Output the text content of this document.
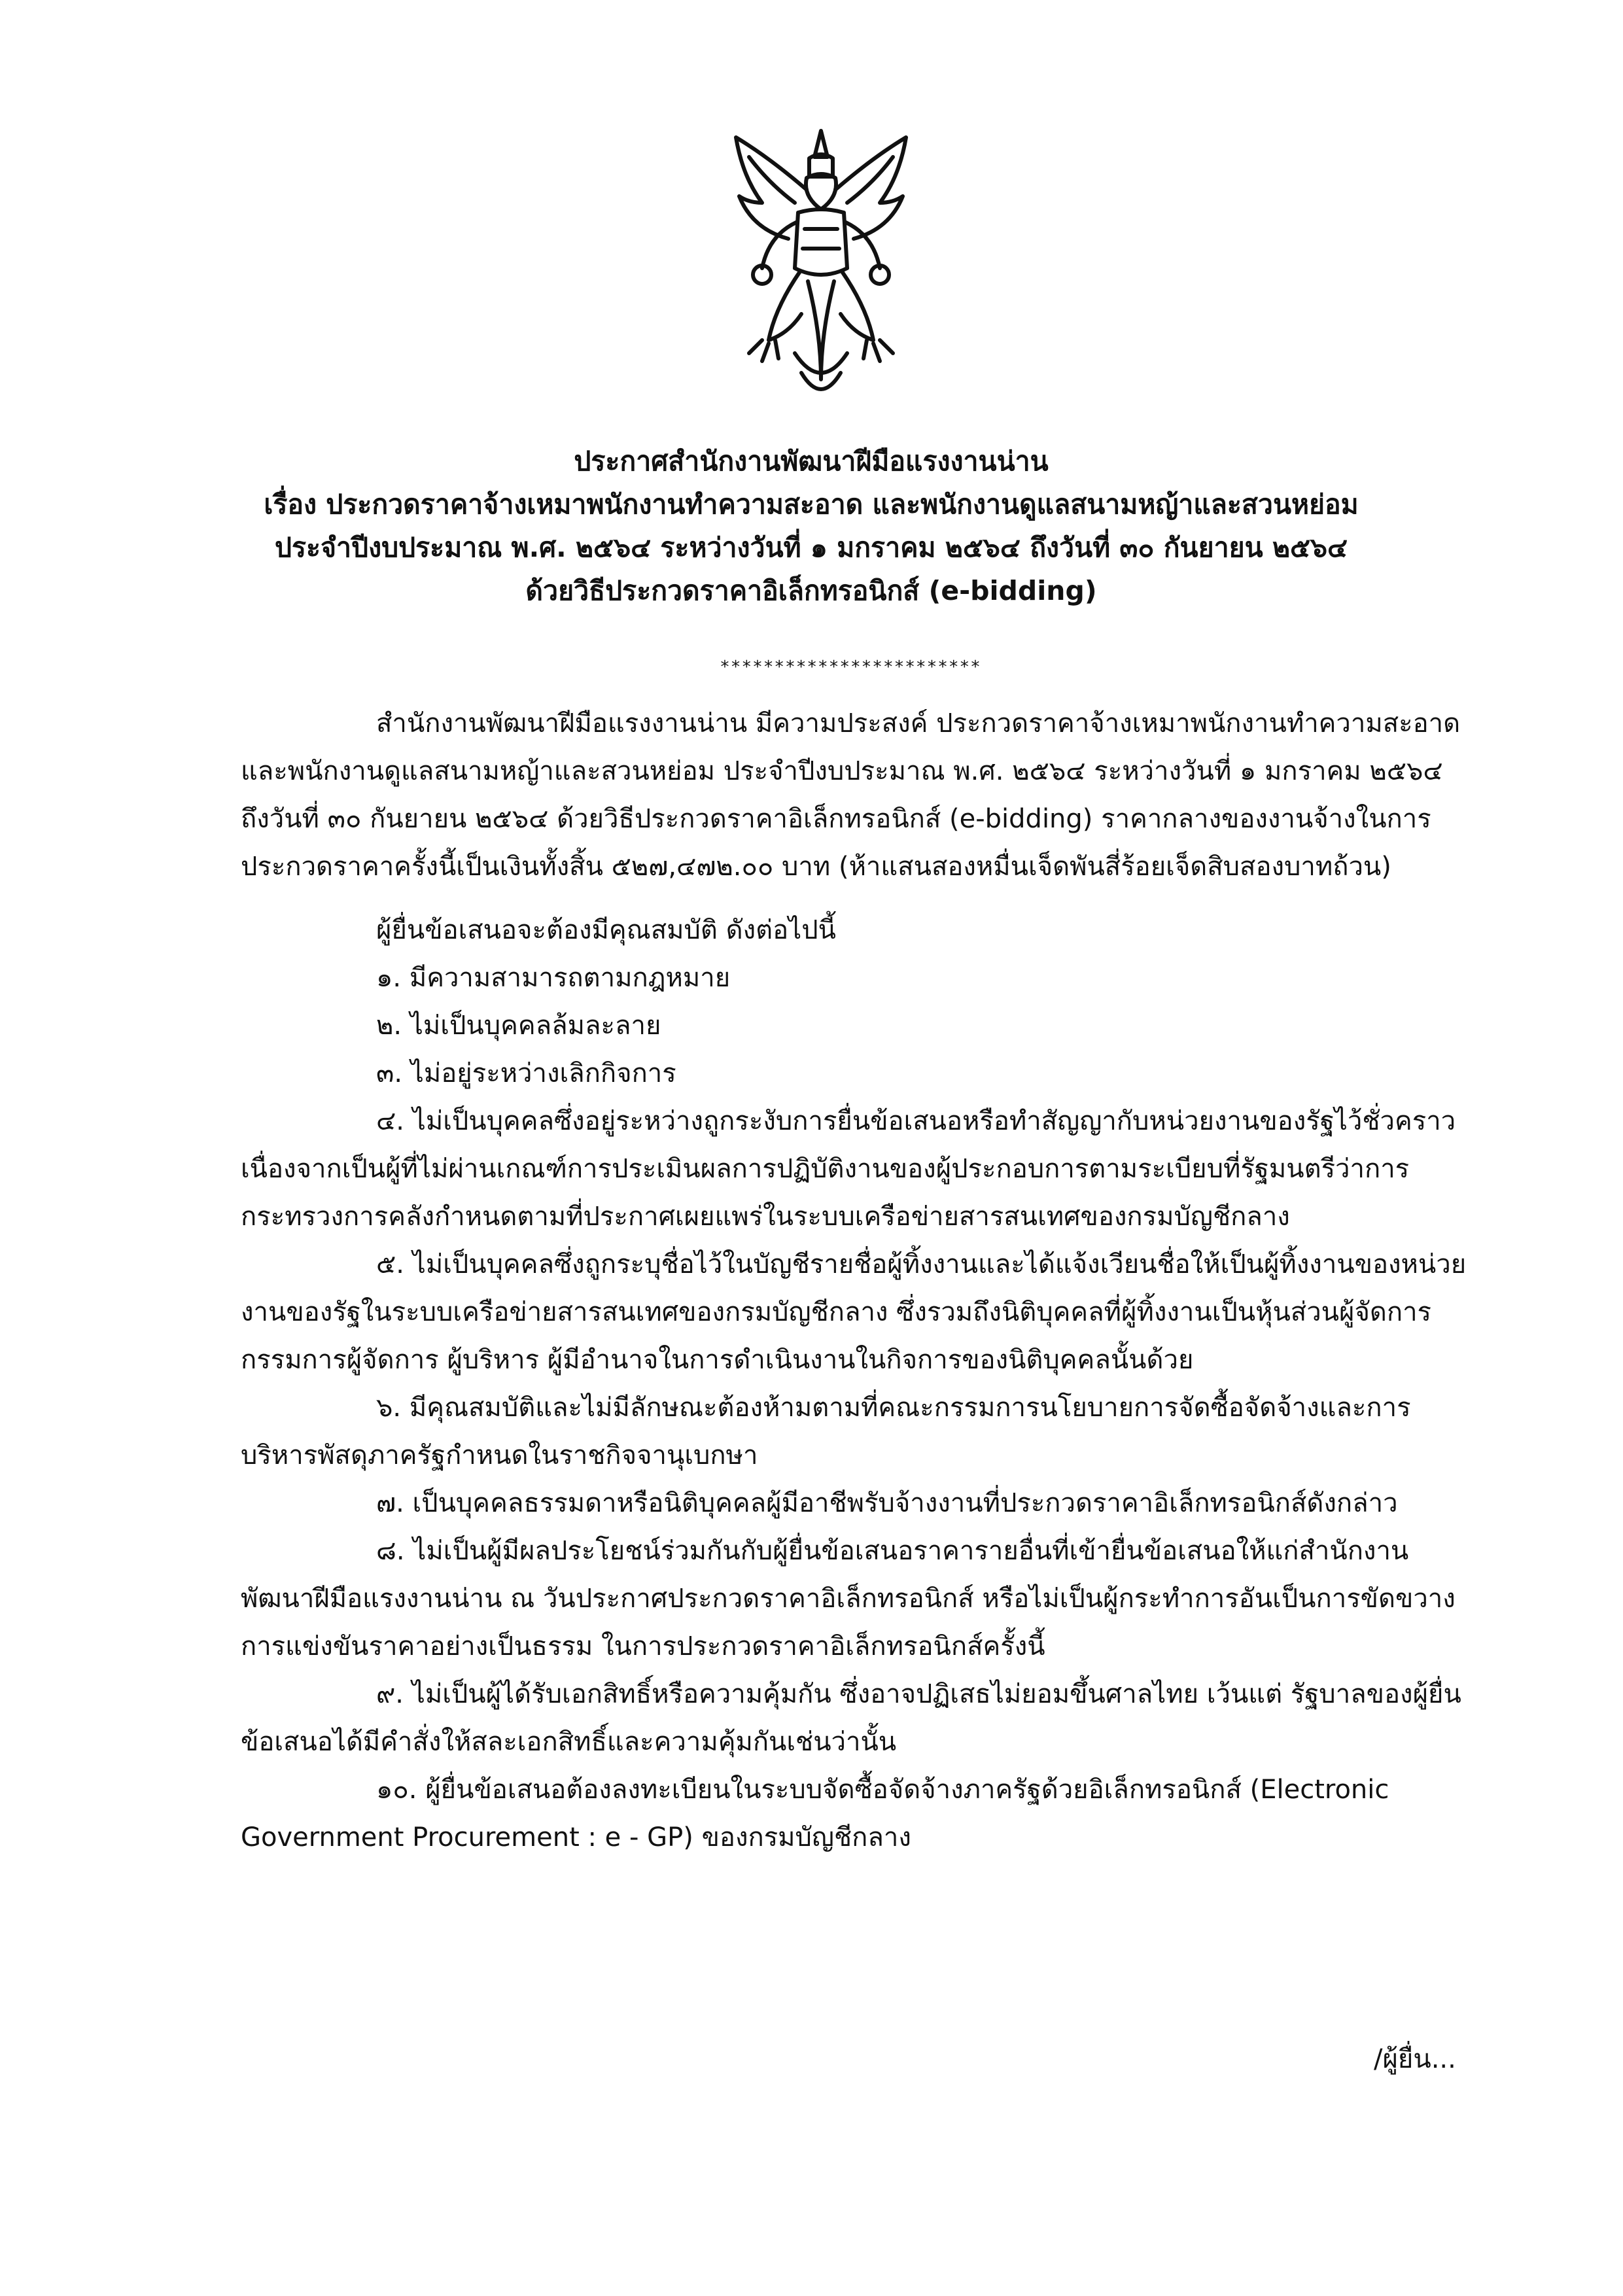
ประกาศสำนักงานพัฒนาฝีมือแรงงานน่าน
เรื่อง ประกวดราคาจ้างเหมาพนักงานทำความสะอาด และพนักงานดูแลสนามหญ้าและสวนหย่อม
ประจำปีงบประมาณ พ.ศ. ๒๕๖๔ ระหว่างวันที่ ๑ มกราคม ๒๕๖๔ ถึงวันที่ ๓๐ กันยายน ๒๕๖๔
ด้วยวิธีประกวดราคาอิเล็กทรอนิกส์ (e-bidding)
************************

สำนักงานพัฒนาฝีมือแรงงานน่าน มีความประสงค์ ประกวดราคาจ้างเหมาพนักงานทำความสะอาด และพนักงานดูแลสนามหญ้าและสวนหย่อม ประจำปีงบประมาณ พ.ศ. ๒๕๖๔ ระหว่างวันที่ ๑ มกราคม ๒๕๖๔ ถึงวันที่ ๓๐ กันยายน ๒๕๖๔ ด้วยวิธีประกวดราคาอิเล็กทรอนิกส์ (e-bidding) ราคากลางของงานจ้างในการประกวดราคาครั้งนี้เป็นเงินทั้งสิ้น ๕๒๗,๔๗๒.๐๐ บาท (ห้าแสนสองหมื่นเจ็ดพันสี่ร้อยเจ็ดสิบสองบาทถ้วน)

ผู้ยื่นข้อเสนอจะต้องมีคุณสมบัติ ดังต่อไปนี้

๑. มีความสามารถตามกฎหมาย

๒. ไม่เป็นบุคคลล้มละลาย

๓. ไม่อยู่ระหว่างเลิกกิจการ

๔. ไม่เป็นบุคคลซึ่งอยู่ระหว่างถูกระงับการยื่นข้อเสนอหรือทำสัญญากับหน่วยงานของรัฐไว้ชั่วคราวเนื่องจากเป็นผู้ที่ไม่ผ่านเกณฑ์การประเมินผลการปฏิบัติงานของผู้ประกอบการตามระเบียบที่รัฐมนตรีว่าการกระทรวงการคลังกำหนดตามที่ประกาศเผยแพร่ในระบบเครือข่ายสารสนเทศของกรมบัญชีกลาง

๕. ไม่เป็นบุคคลซึ่งถูกระบุชื่อไว้ในบัญชีรายชื่อผู้ทิ้งงานและได้แจ้งเวียนชื่อให้เป็นผู้ทิ้งงานของหน่วยงานของรัฐในระบบเครือข่ายสารสนเทศของกรมบัญชีกลาง ซึ่งรวมถึงนิติบุคคลที่ผู้ทิ้งงานเป็นหุ้นส่วนผู้จัดการ กรรมการผู้จัดการ ผู้บริหาร ผู้มีอำนาจในการดำเนินงานในกิจการของนิติบุคคลนั้นด้วย

๖. มีคุณสมบัติและไม่มีลักษณะต้องห้ามตามที่คณะกรรมการนโยบายการจัดซื้อจัดจ้างและการบริหารพัสดุภาครัฐกำหนดในราชกิจจานุเบกษา

๗. เป็นบุคคลธรรมดาหรือนิติบุคคลผู้มีอาชีพรับจ้างงานที่ประกวดราคาอิเล็กทรอนิกส์ดังกล่าว

๘. ไม่เป็นผู้มีผลประโยชน์ร่วมกันกับผู้ยื่นข้อเสนอราคารายอื่นที่เข้ายื่นข้อเสนอให้แก่สำนักงานพัฒนาฝีมือแรงงานน่าน ณ วันประกาศประกวดราคาอิเล็กทรอนิกส์ หรือไม่เป็นผู้กระทำการอันเป็นการขัดขวางการแข่งขันราคาอย่างเป็นธรรม ในการประกวดราคาอิเล็กทรอนิกส์ครั้งนี้

๙. ไม่เป็นผู้ได้รับเอกสิทธิ์หรือความคุ้มกัน ซึ่งอาจปฏิเสธไม่ยอมขึ้นศาลไทย เว้นแต่ รัฐบาลของผู้ยื่นข้อเสนอได้มีคำสั่งให้สละเอกสิทธิ์และความคุ้มกันเช่นว่านั้น

๑๐. ผู้ยื่นข้อเสนอต้องลงทะเบียนในระบบจัดซื้อจัดจ้างภาครัฐด้วยอิเล็กทรอนิกส์ (Electronic Government Procurement : e - GP) ของกรมบัญชีกลาง

/ผู้ยื่น...
